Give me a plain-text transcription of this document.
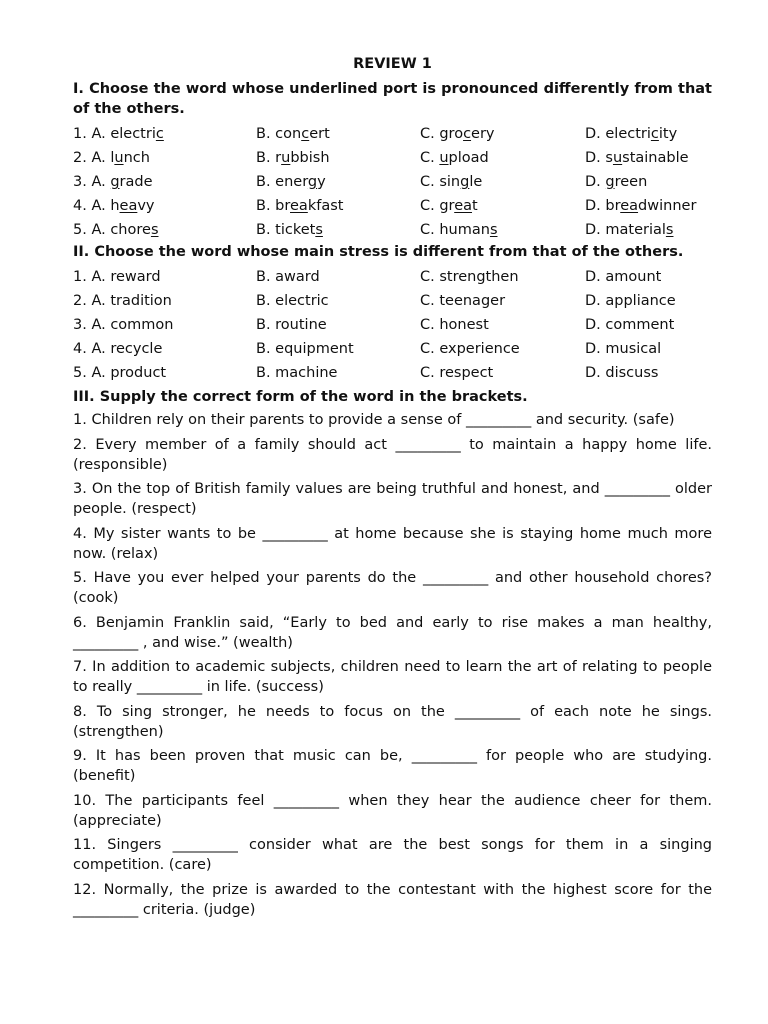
REVIEW 1
I. Choose the word whose underlined port is pronounced differently from that of the others.
1. A. electric	B. concert	C. grocery	D. electricity
2. A. lunch	B. rubbish	C. upload	D. sustainable
3. A. grade	B. energy	C. single	D. green
4. A. heavy	B. breakfast	C. great	D. breadwinner
5. A. chores	B. tickets	C. humans	D. materials
II. Choose the word whose main stress is different from that of the others.
1. A. reward	B. award	C. strengthen	D. amount
2. A. tradition	B. electric	C. teenager	D. appliance
3. A. common	B. routine	C. honest	D. comment
4. A. recycle	B. equipment	C. experience	D. musical
5. A. product	B. machine	C. respect	D. discuss
III. Supply the correct form of the word in the brackets.
1. Children rely on their parents to provide a sense of _________ and security. (safe)
2. Every member of a family should act _________ to maintain a happy home life. (responsible)
3. On the top of British family values are being truthful and honest, and _________ older people. (respect)
4. My sister wants to be _________ at home because she is staying home much more now. (relax)
5. Have you ever helped your parents do the _________ and other household chores? (cook)
6. Benjamin Franklin said, “Early to bed and early to rise makes a man healthy, _________ , and wise.” (wealth)
7. In addition to academic subjects, children need to learn the art of relating to people to really _________ in life. (success)
8. To sing stronger, he needs to focus on the _________ of each note he sings. (strengthen)
9. It has been proven that music can be, _________ for people who are studying. (benefit)
10. The participants feel _________ when they hear the audience cheer for them. (appreciate)
11. Singers _________ consider what are the best songs for them in a singing competition. (care)
12. Normally, the prize is awarded to the contestant with the highest score for the _________ criteria. (judge)
